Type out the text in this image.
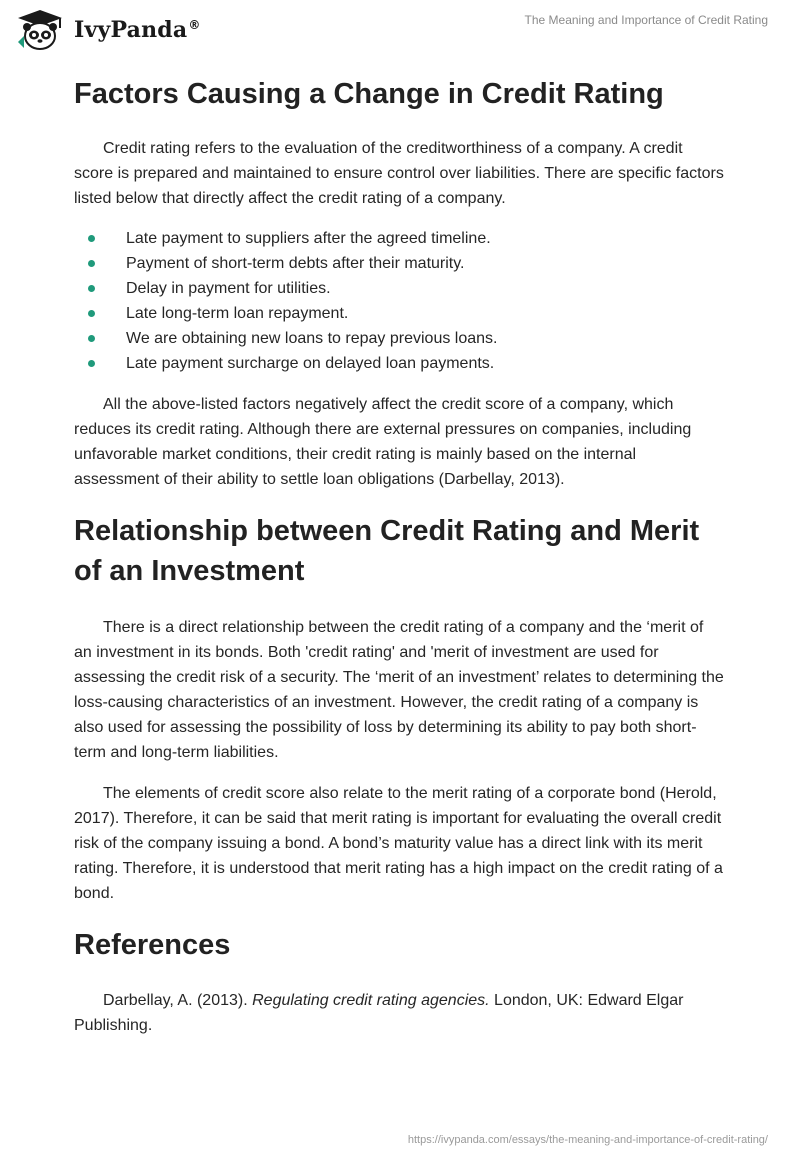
IvyPanda®	The Meaning and Importance of Credit Rating
Factors Causing a Change in Credit Rating

Credit rating refers to the evaluation of the creditworthiness of a company. A credit score is prepared and maintained to ensure control over liabilities. There are specific factors listed below that directly affect the credit rating of a company.

Late payment to suppliers after the agreed timeline.
Payment of short-term debts after their maturity.
Delay in payment for utilities.
Late long-term loan repayment.
We are obtaining new loans to repay previous loans.
Late payment surcharge on delayed loan payments.

All the above-listed factors negatively affect the credit score of a company, which reduces its credit rating. Although there are external pressures on companies, including unfavorable market conditions, their credit rating is mainly based on the internal assessment of their ability to settle loan obligations (Darbellay, 2013).

Relationship between Credit Rating and Merit of an Investment

There is a direct relationship between the credit rating of a company and the ‘merit of an investment in its bonds. Both 'credit rating' and 'merit of investment are used for assessing the credit risk of a security. The ‘merit of an investment’ relates to determining the loss-causing characteristics of an investment. However, the credit rating of a company is also used for assessing the possibility of loss by determining its ability to pay both short-term and long-term liabilities.

The elements of credit score also relate to the merit rating of a corporate bond (Herold, 2017). Therefore, it can be said that merit rating is important for evaluating the overall credit risk of the company issuing a bond. A bond’s maturity value has a direct link with its merit rating. Therefore, it is understood that merit rating has a high impact on the credit rating of a bond.

References

Darbellay, A. (2013). Regulating credit rating agencies. London, UK: Edward Elgar Publishing.

https://ivypanda.com/essays/the-meaning-and-importance-of-credit-rating/
